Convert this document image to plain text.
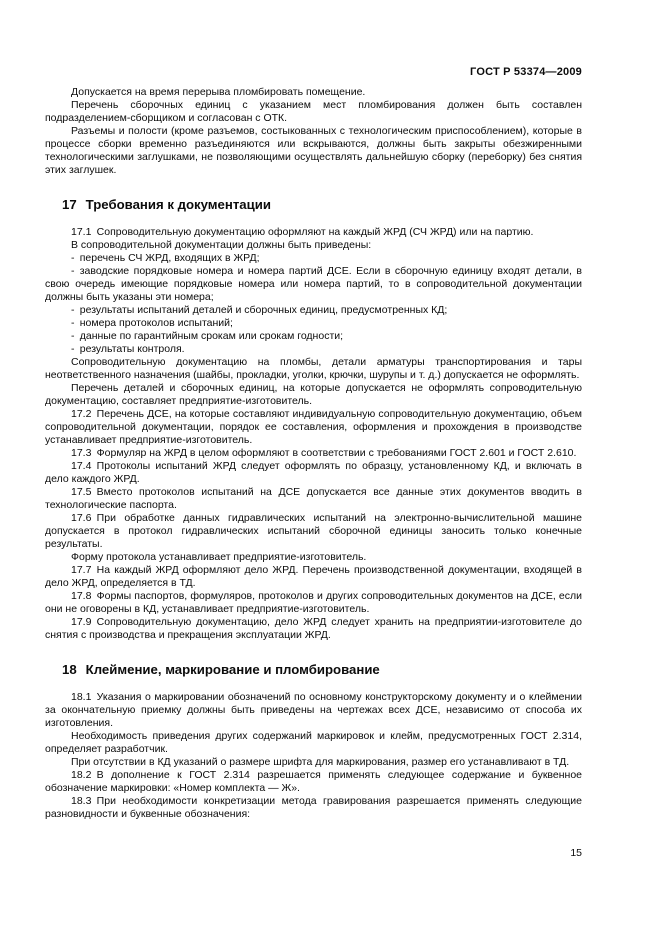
ГОСТ Р 53374—2009

Допускается на время перерыва пломбировать помещение.

Перечень сборочных единиц с указанием мест пломбирования должен быть составлен подразделением-сборщиком и согласован с ОТК.

Разъемы и полости (кроме разъемов, состыкованных с технологическим приспособлением), которые в процессе сборки временно разъединяются или вскрываются, должны быть закрыты обезжиренными технологическими заглушками, не позволяющими осуществлять дальнейшую сборку (переборку) без снятия этих заглушек.

17 Требования к документации

17.1 Сопроводительную документацию оформляют на каждый ЖРД (СЧ ЖРД) или на партию.

В сопроводительной документации должны быть приведены:

- перечень СЧ ЖРД, входящих в ЖРД;

- заводские порядковые номера и номера партий ДСЕ. Если в сборочную единицу входят детали, в свою очередь имеющие порядковые номера или номера партий, то в сопроводительной документации должны быть указаны эти номера;

- результаты испытаний деталей и сборочных единиц, предусмотренных КД;

- номера протоколов испытаний;

- данные по гарантийным срокам или срокам годности;

- результаты контроля.

Сопроводительную документацию на пломбы, детали арматуры транспортирования и тары неответственного назначения (шайбы, прокладки, уголки, крючки, шурупы и т. д.) допускается не оформлять.

Перечень деталей и сборочных единиц, на которые допускается не оформлять сопроводительную документацию, составляет предприятие-изготовитель.

17.2 Перечень ДСЕ, на которые составляют индивидуальную сопроводительную документацию, объем сопроводительной документации, порядок ее составления, оформления и прохождения в производстве устанавливает предприятие-изготовитель.

17.3 Формуляр на ЖРД в целом оформляют в соответствии с требованиями ГОСТ 2.601 и ГОСТ 2.610.

17.4 Протоколы испытаний ЖРД следует оформлять по образцу, установленному КД, и включать в дело каждого ЖРД.

17.5 Вместо протоколов испытаний на ДСЕ допускается все данные этих документов вводить в технологические паспорта.

17.6 При обработке данных гидравлических испытаний на электронно-вычислительной машине допускается в протокол гидравлических испытаний сборочной единицы заносить только конечные результаты.

Форму протокола устанавливает предприятие-изготовитель.

17.7 На каждый ЖРД оформляют дело ЖРД. Перечень производственной документации, входящей в дело ЖРД, определяется в ТД.

17.8 Формы паспортов, формуляров, протоколов и других сопроводительных документов на ДСЕ, если они не оговорены в КД, устанавливает предприятие-изготовитель.

17.9 Сопроводительную документацию, дело ЖРД следует хранить на предприятии-изготовителе до снятия с производства и прекращения эксплуатации ЖРД.

18 Клеймение, маркирование и пломбирование

18.1 Указания о маркировании обозначений по основному конструкторскому документу и о клеймении за окончательную приемку должны быть приведены на чертежах всех ДСЕ, независимо от способа их изготовления.

Необходимость приведения других содержаний маркировок и клейм, предусмотренных ГОСТ 2.314, определяет разработчик.

При отсутствии в КД указаний о размере шрифта для маркирования, размер его устанавливают в ТД.

18.2 В дополнение к ГОСТ 2.314 разрешается применять следующее содержание и буквенное обозначение маркировки: «Номер комплекта — Ж».

18.3 При необходимости конкретизации метода гравирования разрешается применять следующие разновидности и буквенные обозначения:

15
